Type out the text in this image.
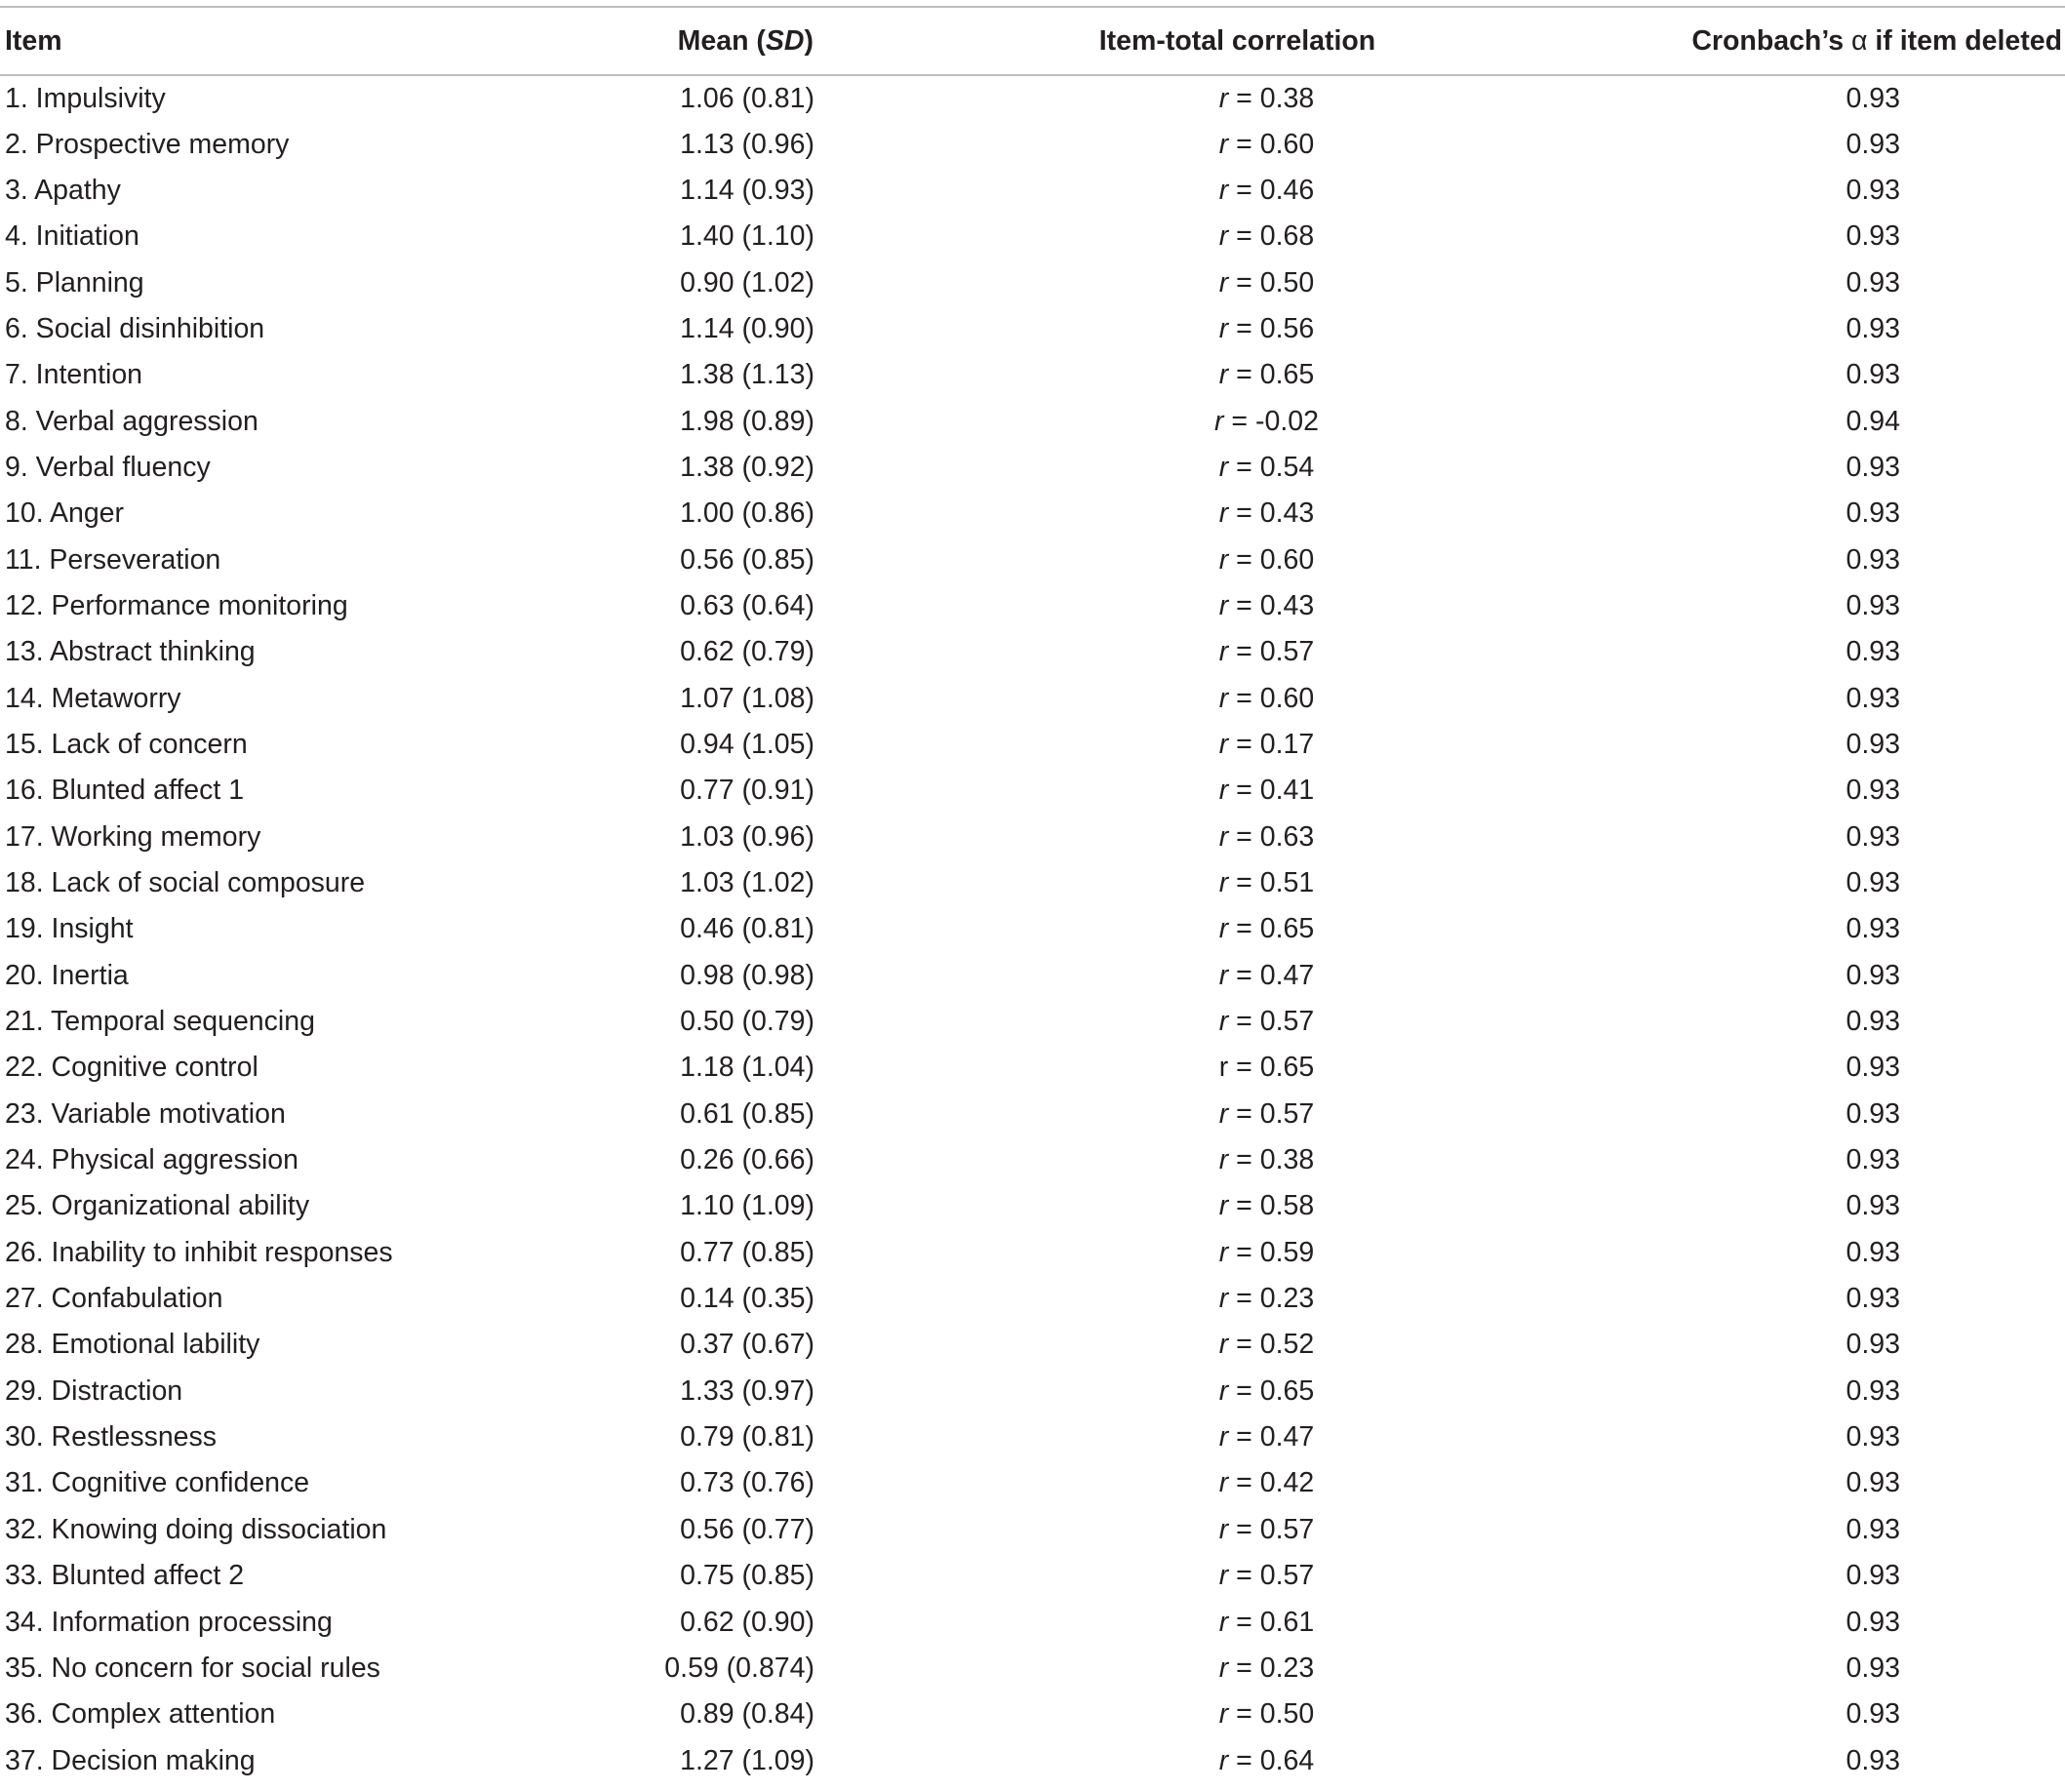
Item	Mean (SD)	Item-total correlation	Cronbach’s α if item deleted
1. Impulsivity	1.06 (0.81)	r = 0.38	0.93
2. Prospective memory	1.13 (0.96)	r = 0.60	0.93
3. Apathy	1.14 (0.93)	r = 0.46	0.93
4. Initiation	1.40 (1.10)	r = 0.68	0.93
5. Planning	0.90 (1.02)	r = 0.50	0.93
6. Social disinhibition	1.14 (0.90)	r = 0.56	0.93
7. Intention	1.38 (1.13)	r = 0.65	0.93
8. Verbal aggression	1.98 (0.89)	r = -0.02	0.94
9. Verbal fluency	1.38 (0.92)	r = 0.54	0.93
10. Anger	1.00 (0.86)	r = 0.43	0.93
11. Perseveration	0.56 (0.85)	r = 0.60	0.93
12. Performance monitoring	0.63 (0.64)	r = 0.43	0.93
13. Abstract thinking	0.62 (0.79)	r = 0.57	0.93
14. Metaworry	1.07 (1.08)	r = 0.60	0.93
15. Lack of concern	0.94 (1.05)	r = 0.17	0.93
16. Blunted affect 1	0.77 (0.91)	r = 0.41	0.93
17. Working memory	1.03 (0.96)	r = 0.63	0.93
18. Lack of social composure	1.03 (1.02)	r = 0.51	0.93
19. Insight	0.46 (0.81)	r = 0.65	0.93
20. Inertia	0.98 (0.98)	r = 0.47	0.93
21. Temporal sequencing	0.50 (0.79)	r = 0.57	0.93
22. Cognitive control	1.18 (1.04)	r = 0.65	0.93
23. Variable motivation	0.61 (0.85)	r = 0.57	0.93
24. Physical aggression	0.26 (0.66)	r = 0.38	0.93
25. Organizational ability	1.10 (1.09)	r = 0.58	0.93
26. Inability to inhibit responses	0.77 (0.85)	r = 0.59	0.93
27. Confabulation	0.14 (0.35)	r = 0.23	0.93
28. Emotional lability	0.37 (0.67)	r = 0.52	0.93
29. Distraction	1.33 (0.97)	r = 0.65	0.93
30. Restlessness	0.79 (0.81)	r = 0.47	0.93
31. Cognitive confidence	0.73 (0.76)	r = 0.42	0.93
32. Knowing doing dissociation	0.56 (0.77)	r = 0.57	0.93
33. Blunted affect 2	0.75 (0.85)	r = 0.57	0.93
34. Information processing	0.62 (0.90)	r = 0.61	0.93
35. No concern for social rules	0.59 (0.874)	r = 0.23	0.93
36. Complex attention	0.89 (0.84)	r = 0.50	0.93
37. Decision making	1.27 (1.09)	r = 0.64	0.93
